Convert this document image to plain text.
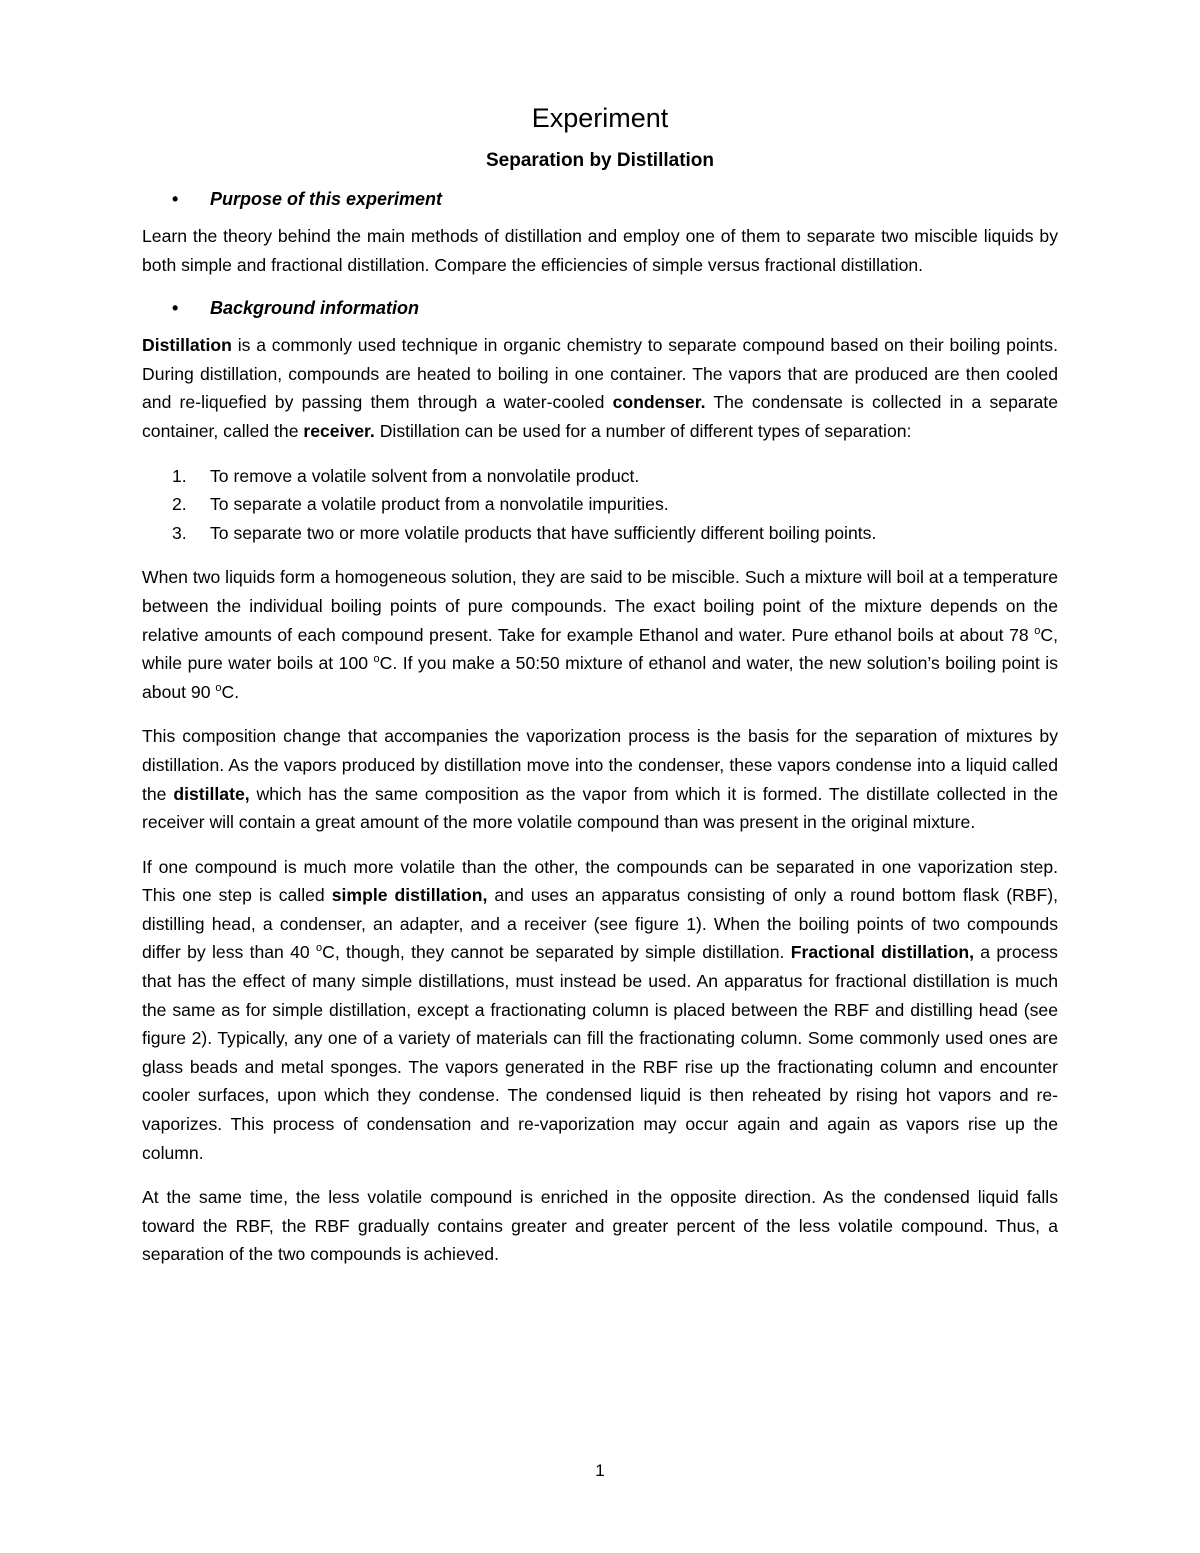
Experiment
Separation by Distillation
• Purpose of this experiment

Learn the theory behind the main methods of distillation and employ one of them to separate two miscible liquids by both simple and fractional distillation. Compare the efficiencies of simple versus fractional distillation.

• Background information

Distillation is a commonly used technique in organic chemistry to separate compound based on their boiling points. During distillation, compounds are heated to boiling in one container. The vapors that are produced are then cooled and re-liquefied by passing them through a water-cooled condenser. The condensate is collected in a separate container, called the receiver. Distillation can be used for a number of different types of separation:

1. To remove a volatile solvent from a nonvolatile product.
2. To separate a volatile product from a nonvolatile impurities.
3. To separate two or more volatile products that have sufficiently different boiling points.

When two liquids form a homogeneous solution, they are said to be miscible. Such a mixture will boil at a temperature between the individual boiling points of pure compounds. The exact boiling point of the mixture depends on the relative amounts of each compound present. Take for example Ethanol and water. Pure ethanol boils at about 78 $^o$C, while pure water boils at 100 $^o$C. If you make a 50:50 mixture of ethanol and water, the new solution’s boiling point is about 90 $^o$C.

This composition change that accompanies the vaporization process is the basis for the separation of mixtures by distillation. As the vapors produced by distillation move into the condenser, these vapors condense into a liquid called the distillate, which has the same composition as the vapor from which it is formed. The distillate collected in the receiver will contain a great amount of the more volatile compound than was present in the original mixture.

If one compound is much more volatile than the other, the compounds can be separated in one vaporization step. This one step is called simple distillation, and uses an apparatus consisting of only a round bottom flask (RBF), distilling head, a condenser, an adapter, and a receiver (see figure 1). When the boiling points of two compounds differ by less than 40 $^o$C, though, they cannot be separated by simple distillation. Fractional distillation, a process that has the effect of many simple distillations, must instead be used. An apparatus for fractional distillation is much the same as for simple distillation, except a fractionating column is placed between the RBF and distilling head (see figure 2). Typically, any one of a variety of materials can fill the fractionating column. Some commonly used ones are glass beads and metal sponges. The vapors generated in the RBF rise up the fractionating column and encounter cooler surfaces, upon which they condense. The condensed liquid is then reheated by rising hot vapors and re-vaporizes. This process of condensation and re-vaporization may occur again and again as vapors rise up the column.

At the same time, the less volatile compound is enriched in the opposite direction. As the condensed liquid falls toward the RBF, the RBF gradually contains greater and greater percent of the less volatile compound. Thus, a separation of the two compounds is achieved.

1
